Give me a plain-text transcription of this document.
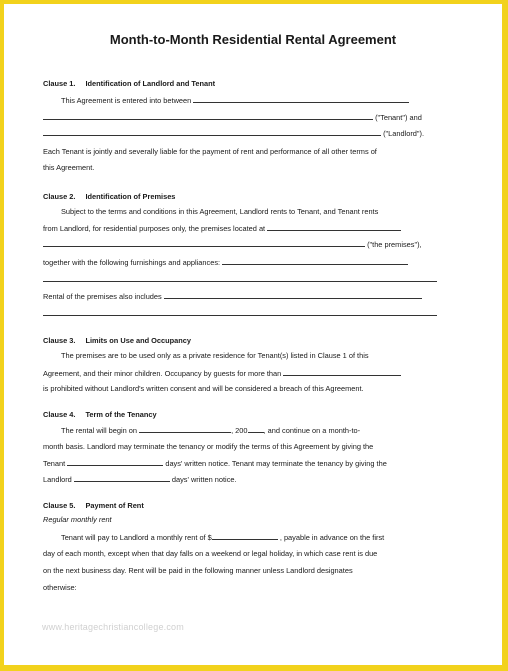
Month-to-Month Residential Rental Agreement
Clause 1. Identification of Landlord and Tenant
This Agreement is entered into between
("Tenant") and
("Landlord").
Each Tenant is jointly and severally liable for the payment of rent and performance of all other terms of
this Agreement.
Clause 2. Identification of Premises
Subject to the terms and conditions in this Agreement, Landlord rents to Tenant, and Tenant rents
from Landlord, for residential purposes only, the premises located at
("the premises"),
together with the following furnishings and appliances:
Rental of the premises also includes
Clause 3. Limits on Use and Occupancy
The premises are to be used only as a private residence for Tenant(s) listed in Clause 1 of this
Agreement, and their minor children. Occupancy by guests for more than
is prohibited without Landlord's written consent and will be considered a breach of this Agreement.
Clause 4. Term of the Tenancy
The rental will begin on	, 200 , and continue on a month-to-
month basis. Landlord may terminate the tenancy or modify the terms of this Agreement by giving the
Tenant	days' written notice. Tenant may terminate the tenancy by giving the
Landlord	days' written notice.
Clause 5. Payment of Rent
Regular monthly rent
Tenant will pay to Landlord a monthly rent of $	, payable in advance on the first
day of each month, except when that day falls on a weekend or legal holiday, in which case rent is due
on the next business day. Rent will be paid in the following manner unless Landlord designates
otherwise:
www.heritagechristiancollege.com
